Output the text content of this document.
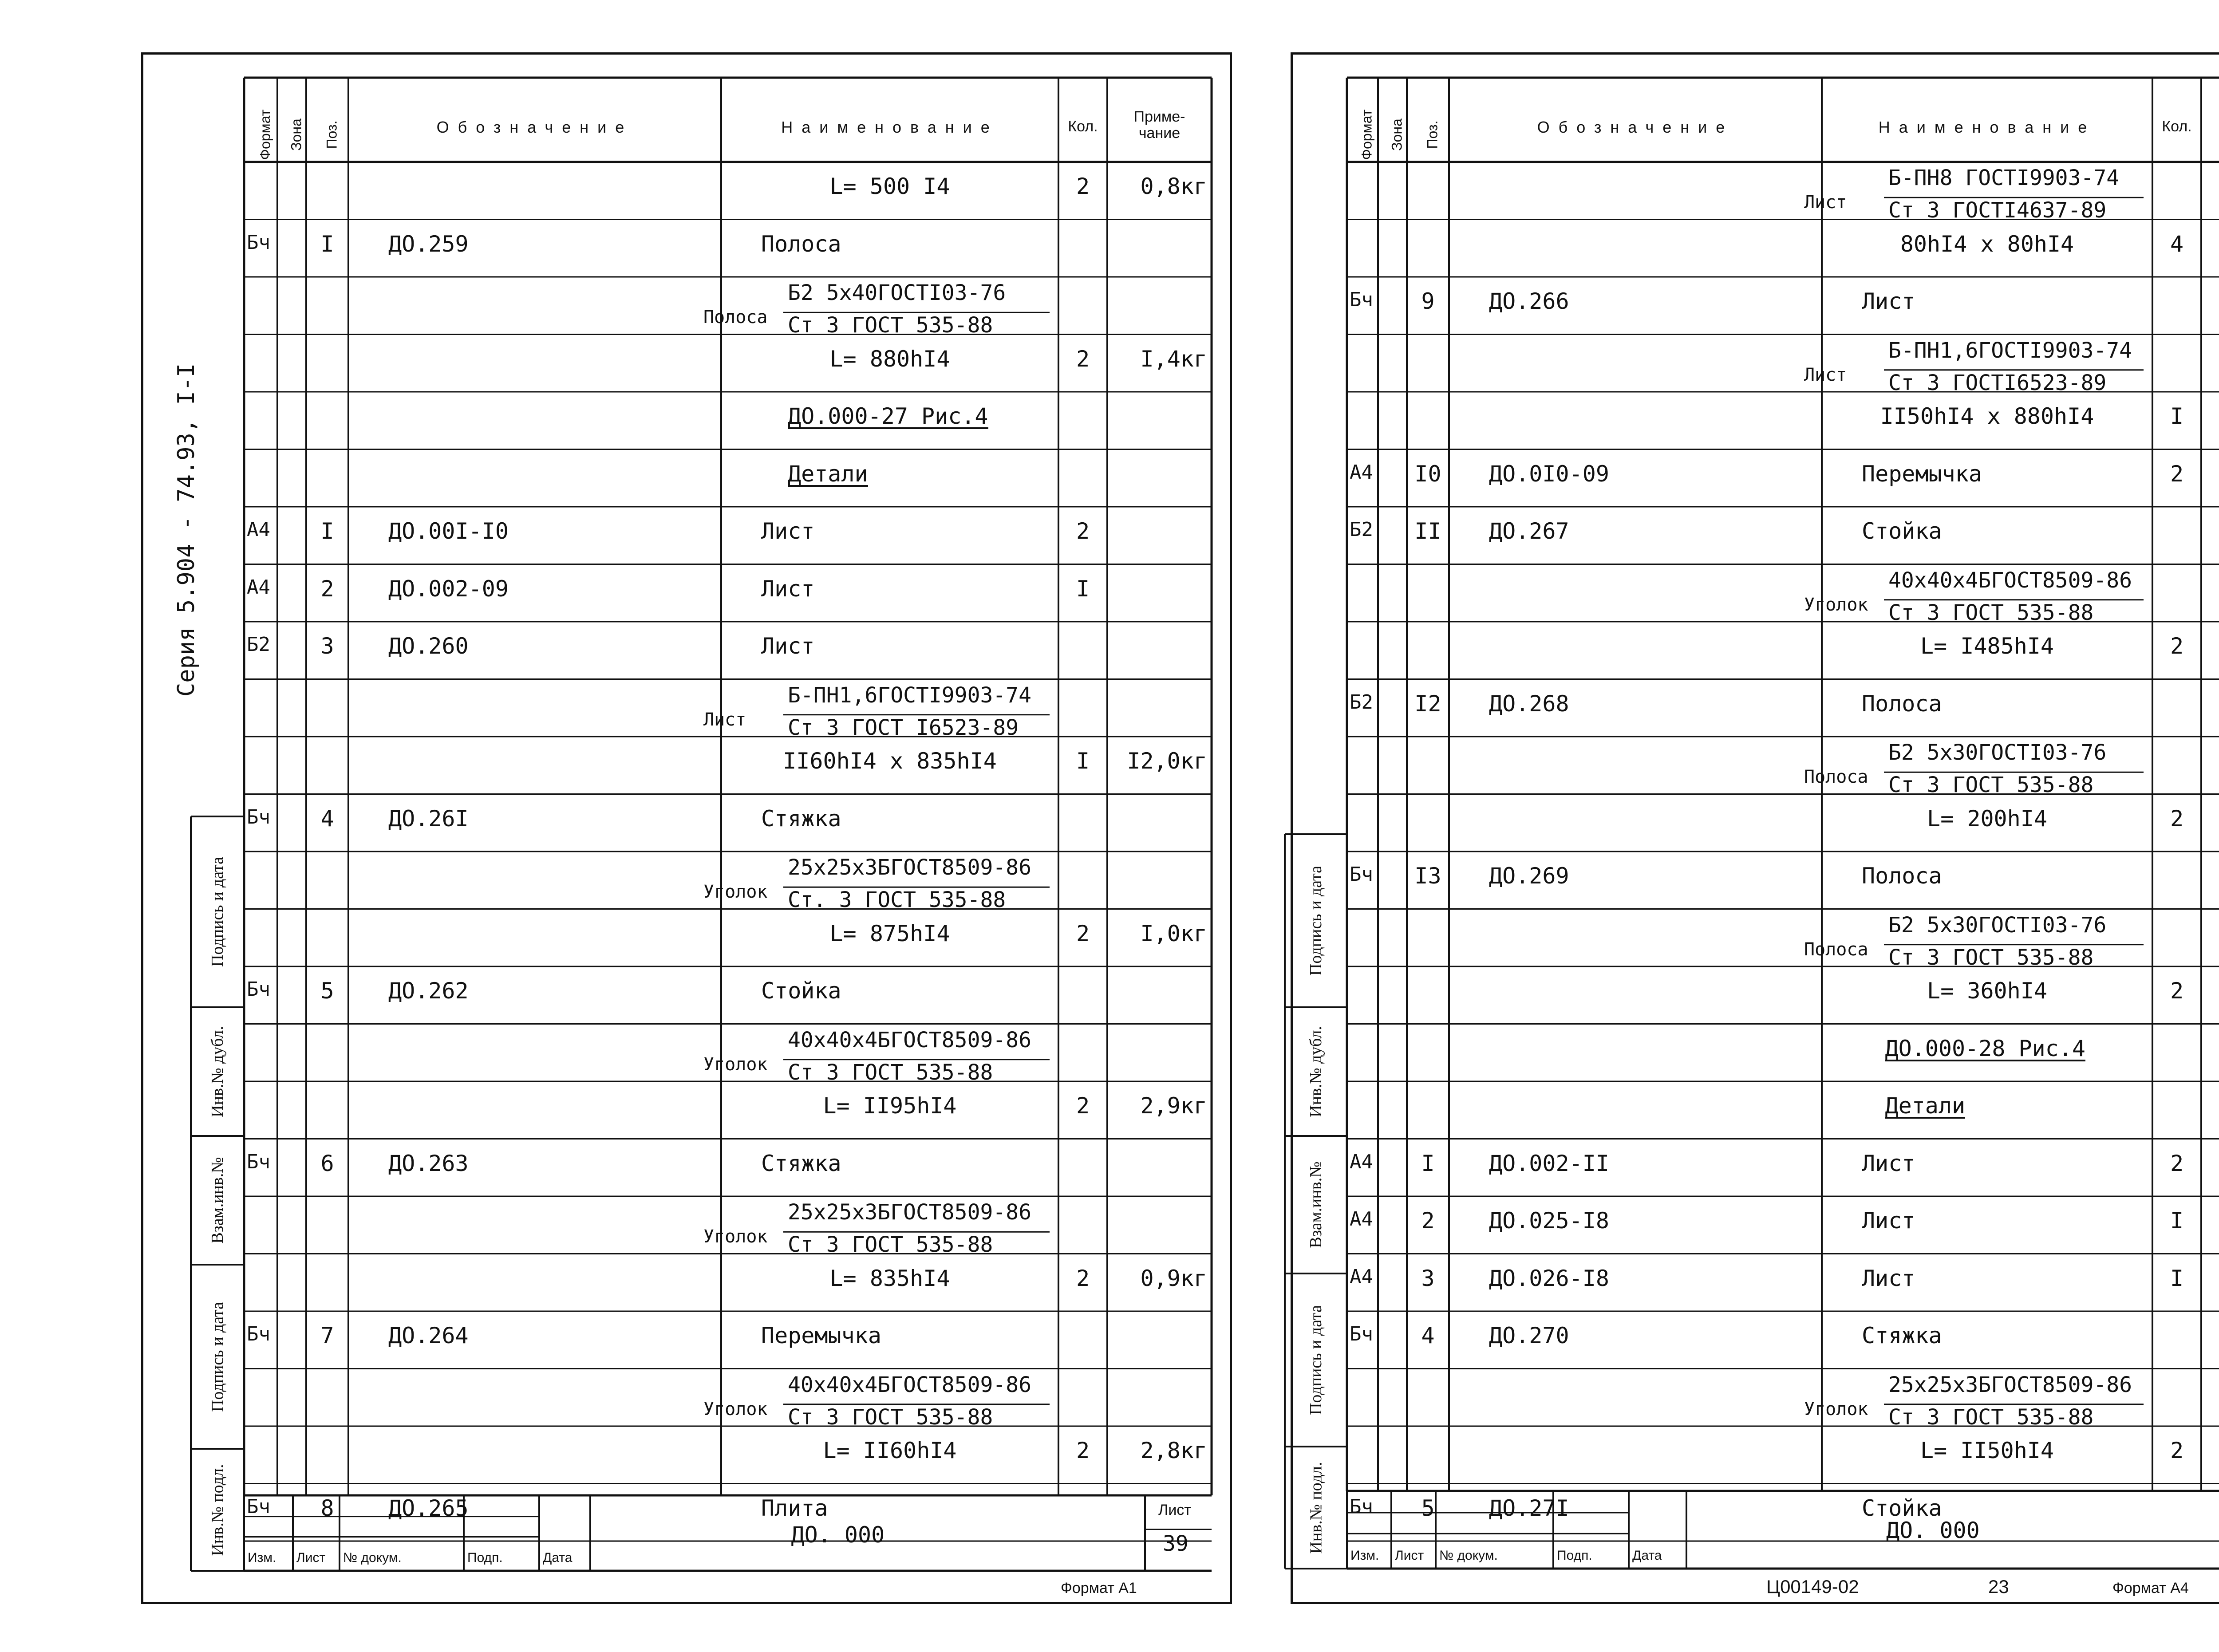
Серия 5.904 - 74.93, I-I
Формат Зона Поз.	Обозначение	Наименование	Кол.
Приме-
чание
L= 500 I4	2	0,8кг
Бч	I	ДО.259	Полоса
Полоса
Б2 5х40ГОСТI03-76
Ст 3 ГОСТ 535-88
L= 880hI4	2	I,4кг
ДО.000-27 Рис.4
Детали
А4	I	ДО.00I-I0	Лист	2
А4	2	ДО.002-09	Лист	I
Б2	3	ДО.260	Лист
Лист
Б-ПН1,6ГОСТI9903-74
Ст 3 ГОСТ I6523-89
II60hI4 х 835hI4	I	I2,0кг
Бч	4	ДО.26I	Стяжка
Уголок
25х25х3БГОСТ8509-86
Ст. 3 ГОСТ 535-88
L= 875hI4	2	I,0кг
Бч	5	ДО.262	Стойка
Уголок
40х40х4БГОСТ8509-86
Ст 3 ГОСТ 535-88
L= II95hI4	2	2,9кг
Бч	6	ДО.263	Стяжка
Уголок
25х25х3БГОСТ8509-86
Ст 3 ГОСТ 535-88
L= 835hI4	2	0,9кг
Бч	7	ДО.264	Перемычка
Уголок
40х40х4БГОСТ8509-86
Ст 3 ГОСТ 535-88
L= II60hI4	2	2,8кг
Бч	8	ДО.265	Плита
Изм. Лист № докум.	Подп.	Дата
ДО. 000
Лист
39
Подпись и дата
Инв.№ дубл.
Взам.инв.№
Подпись и дата
Инв.№ подл.
Формат Зона Поз.	Обозначение	Наименование	Кол.
Лист
Б-ПН8 ГОСТI9903-74
Ст 3 ГОСТI4637-89
80hI4 х 80hI4	4
Бч	9	ДО.266	Лист
Лист
Б-ПН1,6ГОСТI9903-74
Ст 3 ГОСТI6523-89
II50hI4 х 880hI4	I
А4	I0	ДО.0I0-09	Перемычка	2
Б2	II	ДО.267	Стойка
Уголок
40х40х4БГОСТ8509-86
Ст 3 ГОСТ 535-88
L= I485hI4	2
Б2	I2	ДО.268	Полоса
Полоса
Б2 5х30ГОСТI03-76
Ст 3 ГОСТ 535-88
L= 200hI4	2
Бч	I3	ДО.269	Полоса
Полоса
Б2 5х30ГОСТI03-76
Ст 3 ГОСТ 535-88
L= 360hI4	2
ДО.000-28 Рис.4
Детали
А4	I	ДО.002-II	Лист	2
А4	2	ДО.025-I8	Лист	I
А4	3	ДО.026-I8	Лист	I
Бч	4	ДО.270	Стяжка
Уголок
25х25х3БГОСТ8509-86
Ст 3 ГОСТ 535-88
L= II50hI4	2
Бч	5	ДО.27I	Стойка
Изм. Лист № докум.	Подп.	Дата
ДО. 000
Подпись и дата
Инв.№ дубл.
Взам.инв.№
Подпись и дата
Инв.№ подл.
Формат А1	Ц00149-02	23	Формат А4
